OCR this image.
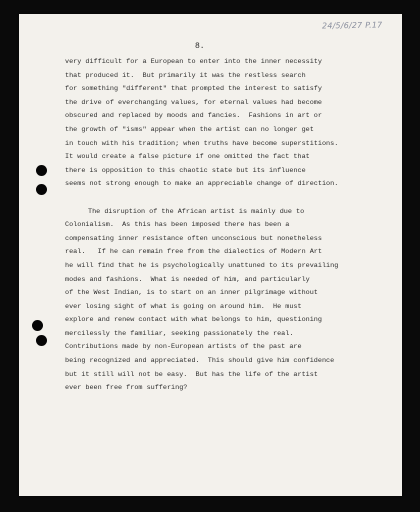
24/5/6/27 P.17
8.
very difficult for a European to enter into the inner necessity
that produced it.  But primarily it was the restless search
for something "different" that prompted the interest to satisfy
the drive of everchanging values, for eternal values had become
obscured and replaced by moods and fancies.  Fashions in art or
the growth of "isms" appear when the artist can no longer get
in touch with his tradition; when truths have become superstitions.
It would create a false picture if one omitted the fact that
there is opposition to this chaotic state but its influence
seems not strong enough to make an appreciable change of direction.
The disruption of the African artist is mainly due to
Colonialism.  As this has been imposed there has been a
compensating inner resistance often unconscious but nonetheless
real.   If he can remain free from the dialectics of Modern Art
he will find that he is psychologically unattuned to its prevailing
modes and fashions.  What is needed of him, and particularly
of the West Indian, is to start on an inner pilgrimage without
ever losing sight of what is going on around him.  He must
explore and renew contact with what belongs to him, questioning
mercilessly the familiar, seeking passionately the real.
Contributions made by non-European artists of the past are
being recognized and appreciated.  This should give him confidence
but it still will not be easy.  But has the life of the artist
ever been free from suffering?
